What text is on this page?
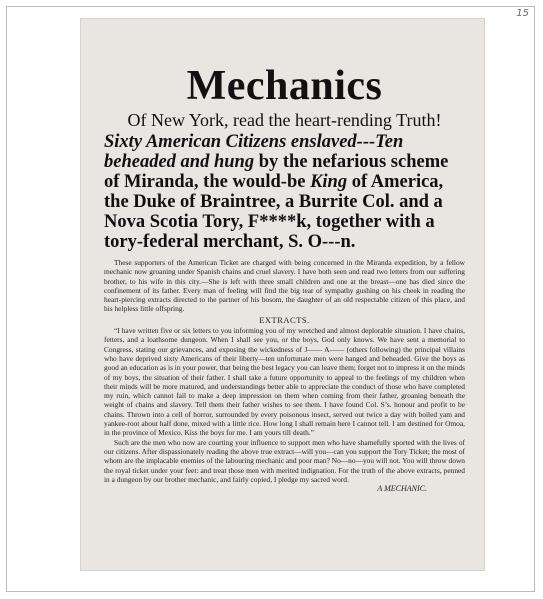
15
Mechanics
Of New York, read the heart-rending Truth!
Sixty American Citizens enslaved---Ten beheaded and hung by the nefarious scheme of Miranda, the would-be King of America, the Duke of Braintree, a Burrite Col. and a Nova Scotia Tory, F****k, together with a tory-federal merchant, S. O---n.

These supporters of the American Ticket are charged with being concerned in the Miranda expedition, by a fellow mechanic now groaning under Spanish chains and cruel slavery. I have both seen and read two letters from our suffering brother, to his wife in this city.—She is left with three small children and one at the breast—one has died since the confinement of its father. Every man of feeling will find the big tear of sympathy gushing on his cheek in reading the heart-piercing extracts directed to the partner of his bosom, the daughter of an old respectable citizen of this place, and his helpless little offspring.

EXTRACTS.

“I have written five or six letters to you informing you of my wretched and almost deplorable situation. I have chains, fetters, and a loathsome dungeon. When I shall see you, or the boys, God only knows. We have sent a memorial to Congress, stating our grievances, and exposing the wickedness of J—— A—— (others following) the principal villains who have deprived sixty Americans of their liberty—ten unfortunate men were hanged and beheaded. Give the boys as good an education as is in your power, that being the best legacy you can leave them; forget not to impress it on the minds of my boys, the situation of their father. I shall take a future opportunity to appeal to the feelings of my children when their minds will be more matured, and understandings better able to appreciate the conduct of those who have completed my ruin, which cannot fail to make a deep impression on them when coming from their father, groaning beneath the weight of chains and slavery. Tell them their father wishes to see them. I have found Col. S’s. honour and profit to be chains. Thrown into a cell of horror, surrounded by every poisonous insect, served out twice a day with boiled yam and yankee-root about half done, mixed with a little rice. How long I shall remain here I cannot tell. I am destined for Omoa, in the province of Mexico. Kiss the boys for me. I am yours till death.”

Such are the men who now are courting your influence to support men who have shamefully sported with the lives of our citizens. After dispassionately reading the above true extract—will you—can you support the Tory Ticket; the most of whom are the implacable enemies of the labouring mechanic and poor man? No—no—you will not. You will throw down the royal ticket under your feet: and treat those men with merited indignation. For the truth of the above extracts, penned in a dungeon by our brother mechanic, and fairly copied, I pledge my sacred word.

A MECHANIC.
